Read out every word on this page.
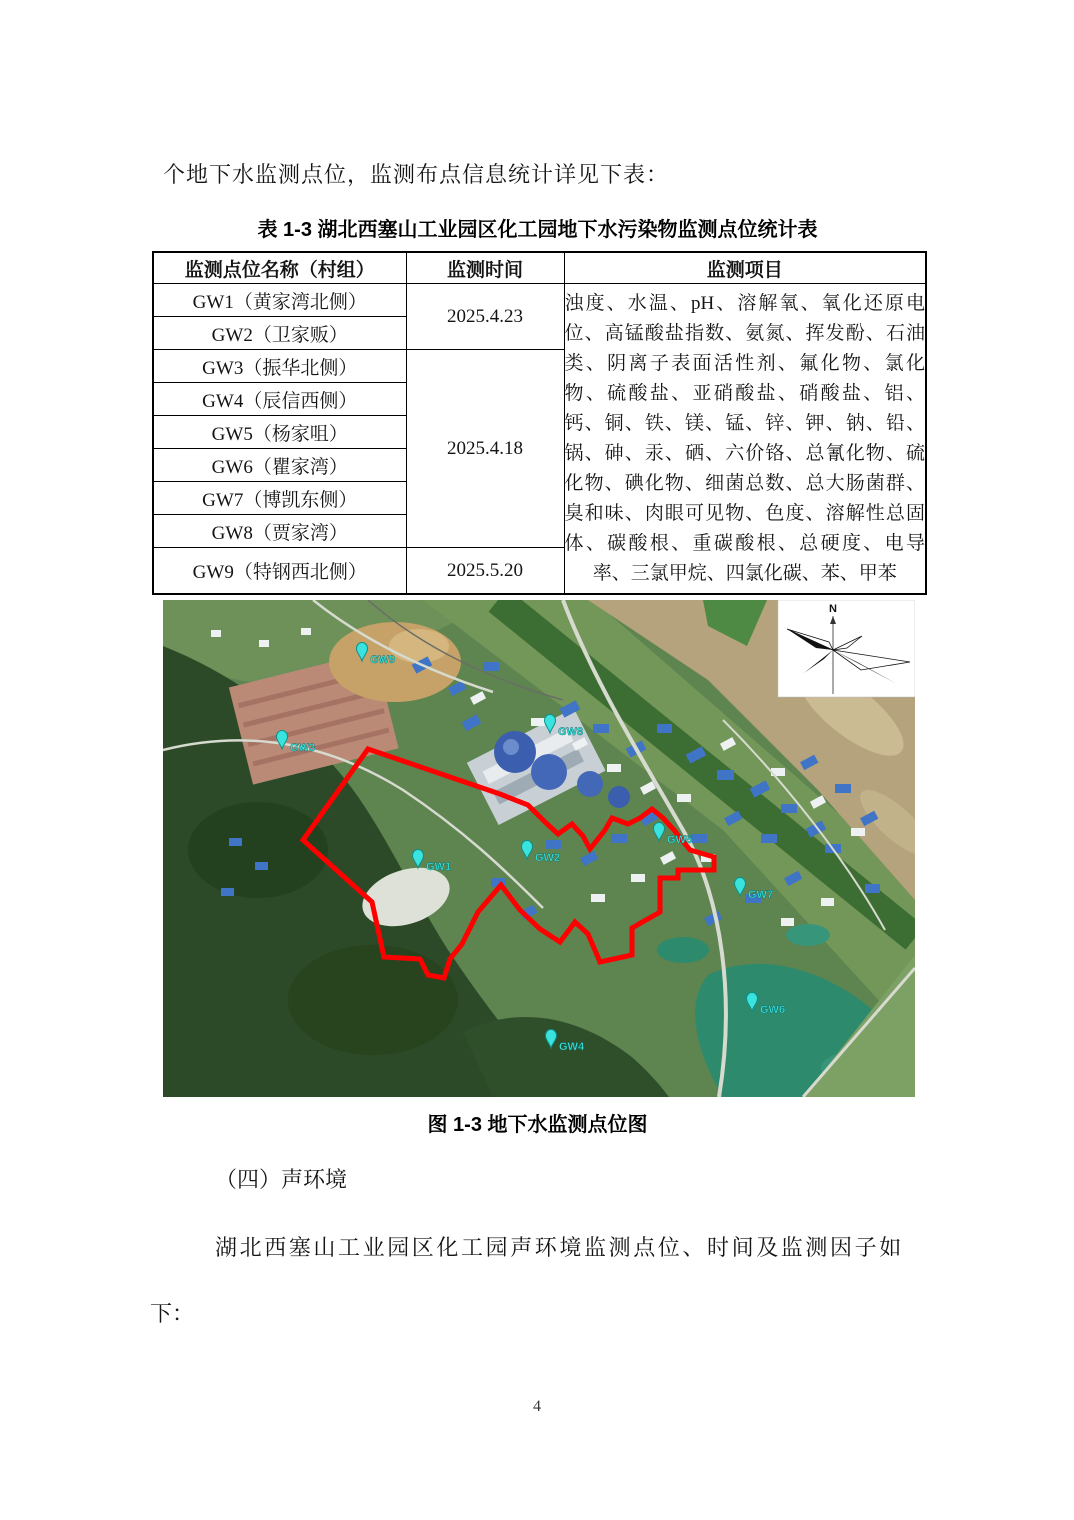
个地下水监测点位，监测布点信息统计详见下表：

表 1-3 湖北西塞山工业园区化工园地下水污染物监测点位统计表
监测点位名称（村组）	监测时间	监测项目
GW1（黄家湾北侧）	2025.4.23	浊度、水温、pH、溶解氧、氧化还原电位、高锰酸盐指数、氨氮、挥发酚、石油类、阴离子表面活性剂、氟化物、氯化物、硫酸盐、亚硝酸盐、硝酸盐、铝、钙、铜、铁、镁、锰、锌、钾、钠、铅、锅、砷、汞、硒、六价铬、总氰化物、硫化物、碘化物、细菌总数、总大肠菌群、臭和味、肉眼可见物、色度、溶解性总固体、碳酸根、重碳酸根、总硬度、电导率、三氯甲烷、四氯化碳、苯、甲苯
GW2（卫家贩）		
GW3（振华北侧）	2025.4.18	
GW4（辰信西侧）		
GW5（杨家咀）		
GW6（瞿家湾）		
GW7（博凯东侧）		
GW8（贾家湾）		
GW9（特钢西北侧）	2025.5.20	
GW1
GW2
GW3
GW4
GW5
GW6
GW7
GW8
GW9
N
图 1-3 地下水监测点位图

（四）声环境

湖北西塞山工业园区化工园声环境监测点位、时间及监测因子如

下：

4
